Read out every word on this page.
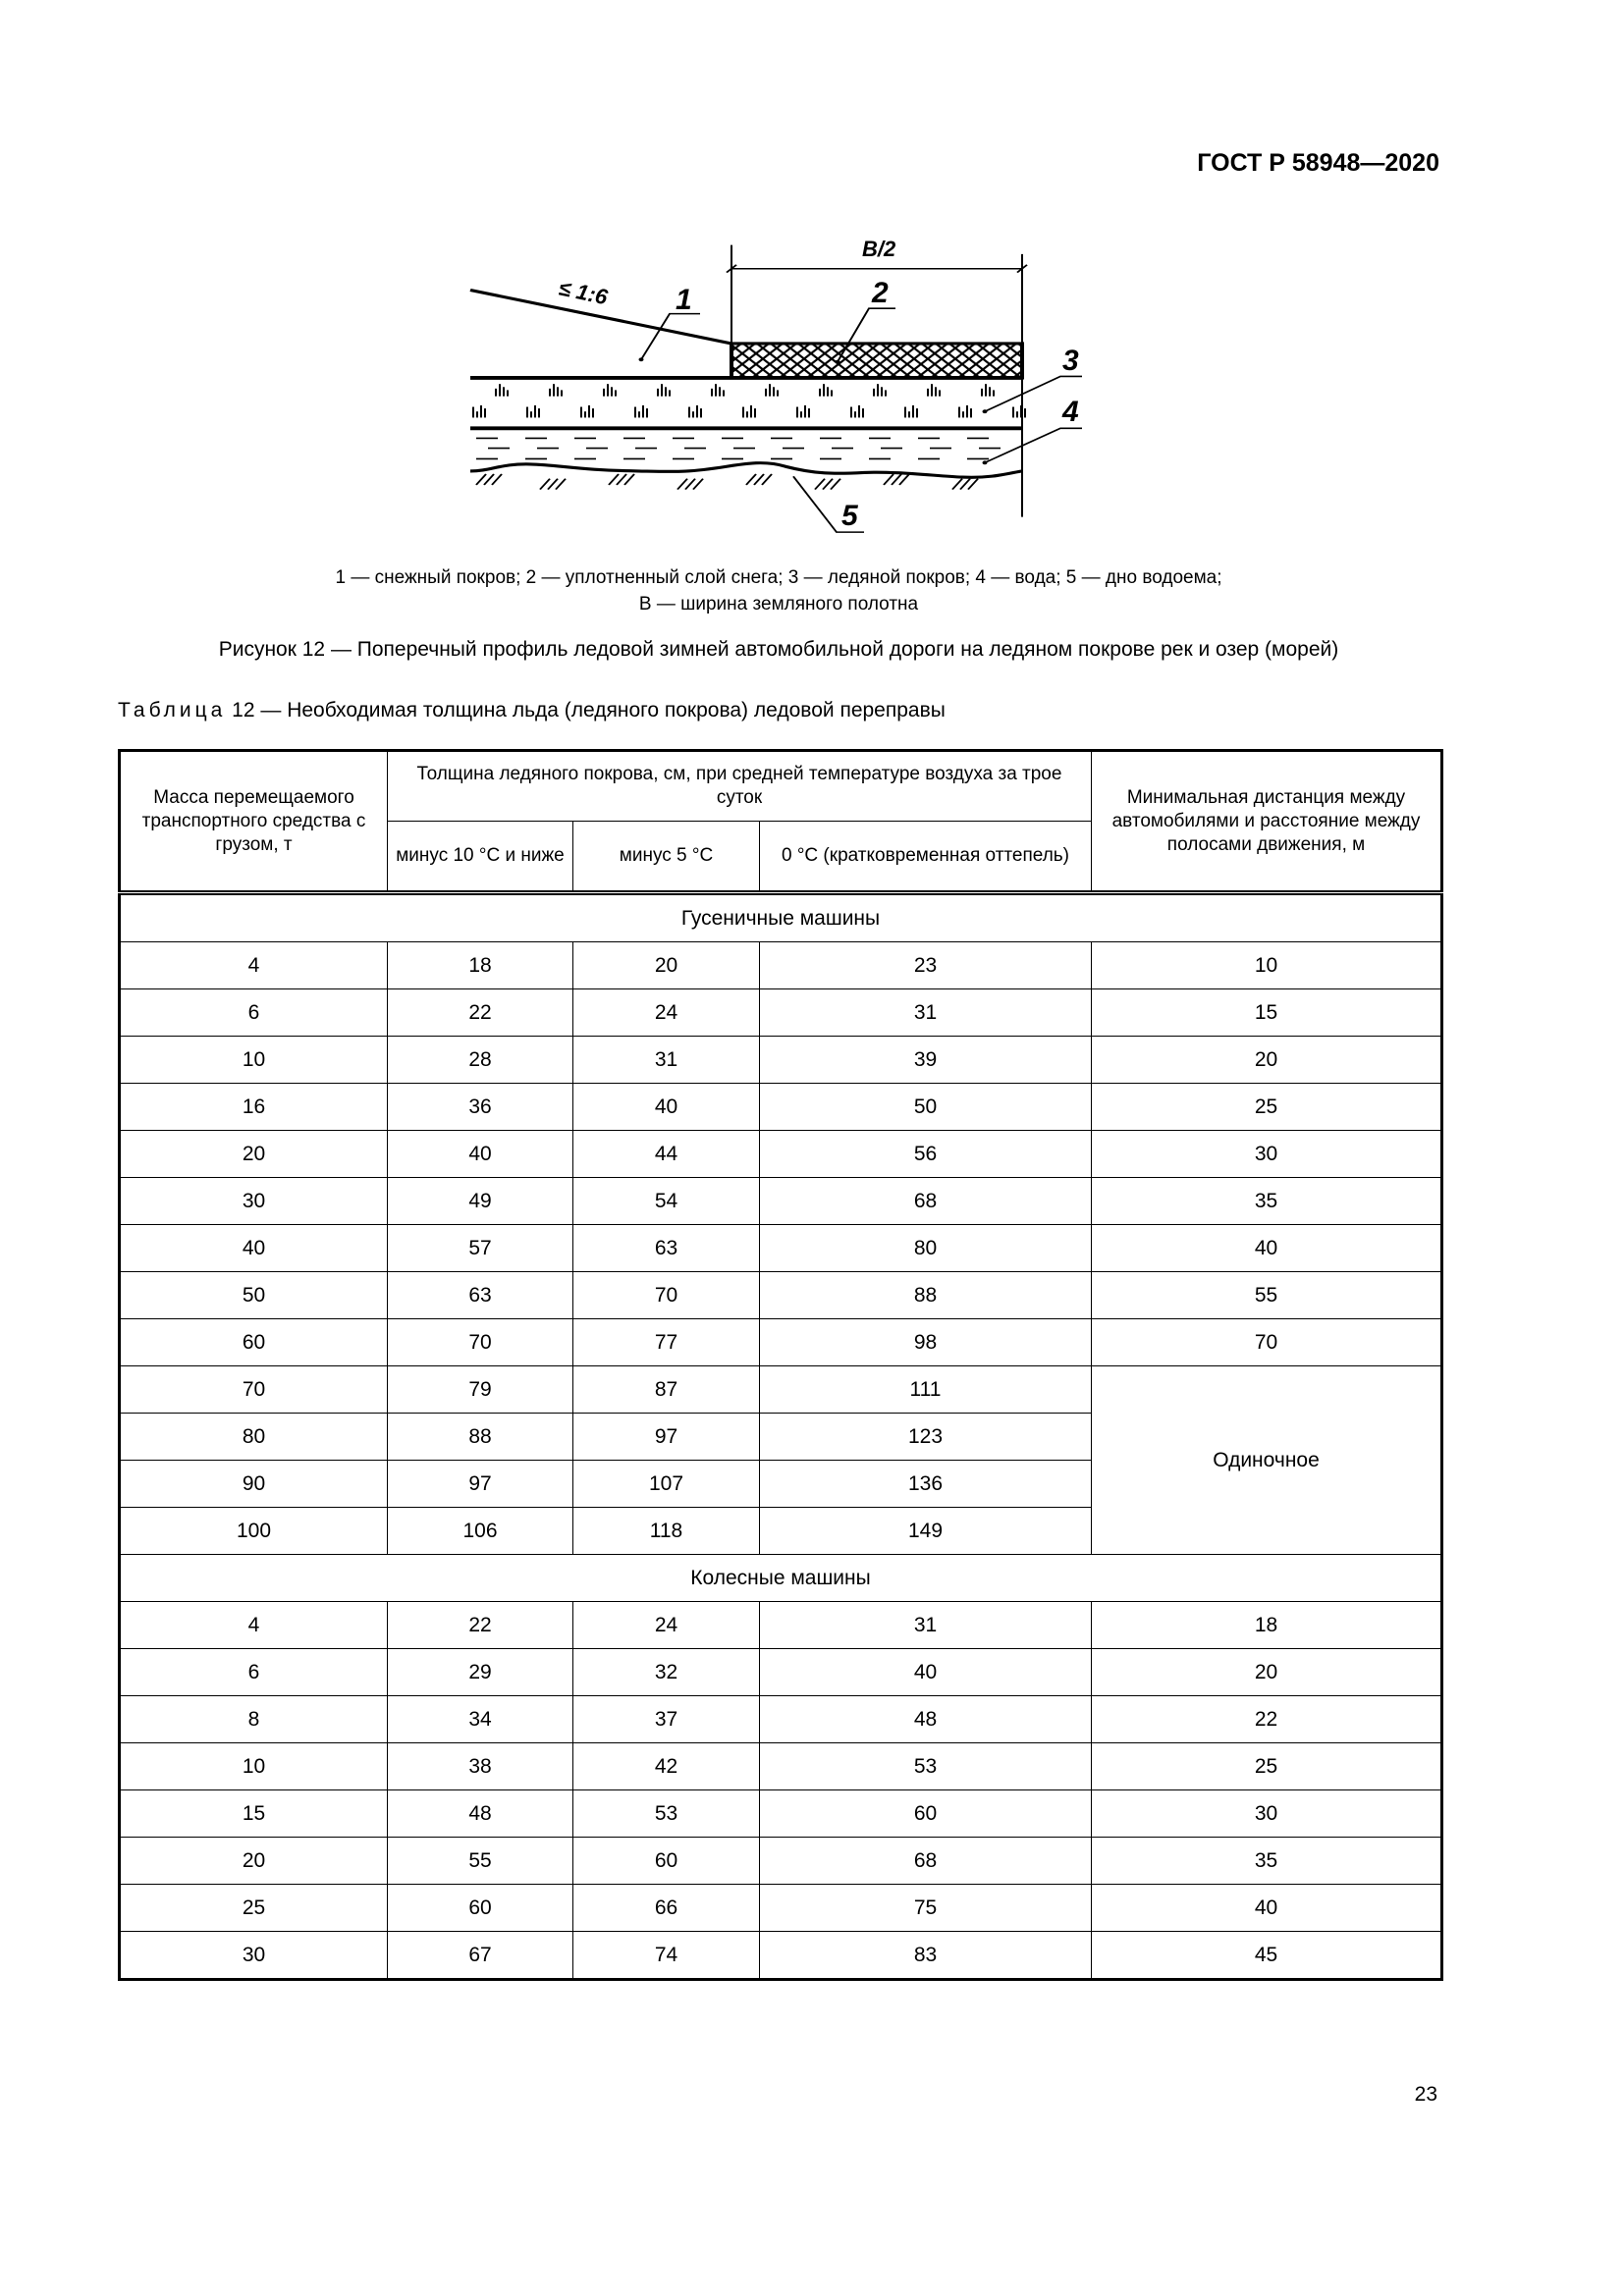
ГОСТ Р 58948—2020
B/2
≤ 1:6 1	2
3
4
5
1 — снежный покров; 2 — уплотненный слой снега; 3 — ледяной покров; 4 — вода; 5 — дно водоема;
B — ширина земляного полотна
Рисунок 12 — Поперечный профиль ледовой зимней автомобильной дороги на ледяном покрове рек и озер (морей)
Таблица 12 — Необходимая толщина льда (ледяного покрова) ледовой переправы
Масса перемещаемого транспортного средства с грузом, т	Толщина ледяного покрова, см, при средней температуре воздуха за трое суток			Минимальная дистанция между автомобилями и расстояние между полосами движения, м
	минус 10 °С и ниже	минус 5 °С	0 °С (кратковременная оттепель)	
Гусеничные машины				
4	18	20	23	10
6	22	24	31	15
10	28	31	39	20
16	36	40	50	25
20	40	44	56	30
30	49	54	68	35
40	57	63	80	40
50	63	70	88	55
60	70	77	98	70
70	79	87	111	Одиночное
80	88	97	123	
90	97	107	136	
100	106	118	149	
Колесные машины				
4	22	24	31	18
6	29	32	40	20
8	34	37	48	22
10	38	42	53	25
15	48	53	60	30
20	55	60	68	35
25	60	66	75	40
30	67	74	83	45
23
